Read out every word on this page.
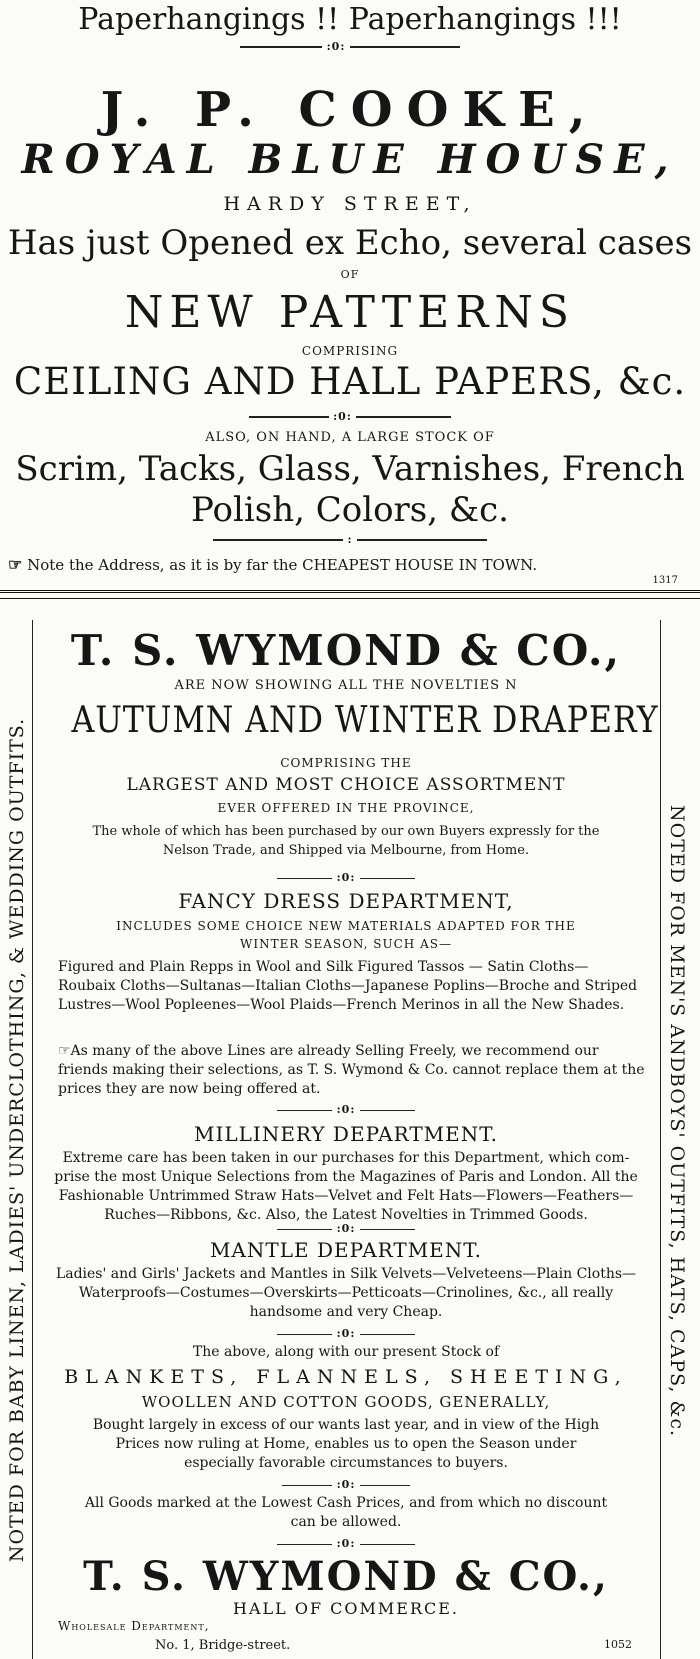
Paperhangings !! Paperhangings !!!
:0:
J. P. COOKE,
ROYAL BLUE HOUSE,
HARDY STREET,
Has just Opened ex Echo, several cases
OF
NEW PATTERNS
COMPRISING
CEILING AND HALL PAPERS, &c.
:0:
ALSO, ON HAND, A LARGE STOCK OF
Scrim, Tacks, Glass, Varnishes, French
Polish, Colors, &c.
:
☞ Note the Address, as it is by far the CHEAPEST HOUSE IN TOWN.
1317
NOTED FOR BABY LINEN, LADIES' UNDERCLOTHING, & WEDDING OUTFITS.	NOTED FOR MEN'S ANDBOYS' OUTFITS, HATS, CAPS, &c.
T. S. WYMOND & CO.,
ARE NOW SHOWING ALL THE NOVELTIES N
AUTUMN AND WINTER DRAPERY
COMPRISING THE
LARGEST AND MOST CHOICE ASSORTMENT
EVER OFFERED IN THE PROVINCE,
The whole of which has been purchased by our own Buyers expressly for the
Nelson Trade, and Shipped via Melbourne, from Home.
:0:
FANCY DRESS DEPARTMENT,
INCLUDES SOME CHOICE NEW MATERIALS ADAPTED FOR THE
WINTER SEASON, SUCH AS—
Figured and Plain Repps in Wool and Silk Figured Tassos — Satin Cloths— Roubaix Cloths—Sultanas—Italian Cloths—Japanese Poplins—Broche and Striped Lustres—Wool Popleenes—Wool Plaids—French Merinos in all the New Shades.
☞As many of the above Lines are already Selling Freely, we recommend our friends making their selections, as T. S. Wymond & Co. cannot replace them at the prices they are now being offered at.
:0:
MILLINERY DEPARTMENT.
Extreme care has been taken in our purchases for this Department, which com-
prise the most Unique Selections from the Magazines of Paris and London. All the
Fashionable Untrimmed Straw Hats—Velvet and Felt Hats—Flowers—Feathers—
Ruches—Ribbons, &c. Also, the Latest Novelties in Trimmed Goods.
:0:
MANTLE DEPARTMENT.
Ladies' and Girls' Jackets and Mantles in Silk Velvets—Velveteens—Plain Cloths—
Waterproofs—Costumes—Overskirts—Petticoats—Crinolines, &c., all really
handsome and very Cheap.
:0:
The above, along with our present Stock of
BLANKETS, FLANNELS, SHEETING,
WOOLLEN AND COTTON GOODS, GENERALLY,
Bought largely in excess of our wants last year, and in view of the High
Prices now ruling at Home, enables us to open the Season under
especially favorable circumstances to buyers.
:0:
All Goods marked at the Lowest Cash Prices, and from which no discount
can be allowed.
:0:
T. S. WYMOND & CO.,
HALL OF COMMERCE.
Wholesale Department,
No. 1, Bridge-street.	1052
